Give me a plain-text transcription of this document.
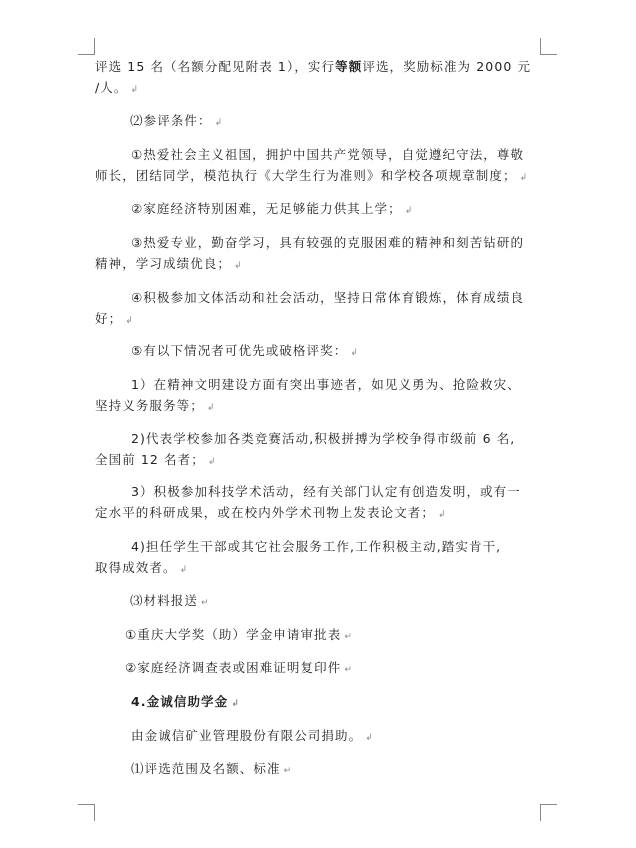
评选 15 名（名额分配见附表 1），实行等额评选，奖励标准为 2000 元
/人。 ↲
⑵参评条件： ↲
①热爱社会主义祖国，拥护中国共产党领导，自觉遵纪守法，尊敬
师长，团结同学，模范执行《大学生行为准则》和学校各项规章制度； ↲
②家庭经济特别困难，无足够能力供其上学； ↲
③热爱专业，勤奋学习，具有较强的克服困难的精神和刻苦钻研的
精神，学习成绩优良； ↲
④积极参加文体活动和社会活动，坚持日常体育锻炼，体育成绩良
好； ↲
⑤有以下情况者可优先或破格评奖： ↲
1）在精神文明建设方面有突出事迹者，如见义勇为、抢险救灾、
坚持义务服务等； ↲
2)代表学校参加各类竞赛活动,积极拼搏为学校争得市级前 6 名,
全国前 12 名者； ↲
3）积极参加科技学术活动，经有关部门认定有创造发明，或有一
定水平的科研成果，或在校内外学术刊物上发表论文者； ↲
4)担任学生干部或其它社会服务工作,工作积极主动,踏实肯干,
取得成效者。 ↲
⑶材料报送 ↵
①重庆大学奖（助）学金申请审批表 ↵
②家庭经济调查表或困难证明复印件 ↵
4.金诚信助学金 ↲
由金诚信矿业管理股份有限公司捐助。 ↲
⑴评选范围及名额、标准 ↵
